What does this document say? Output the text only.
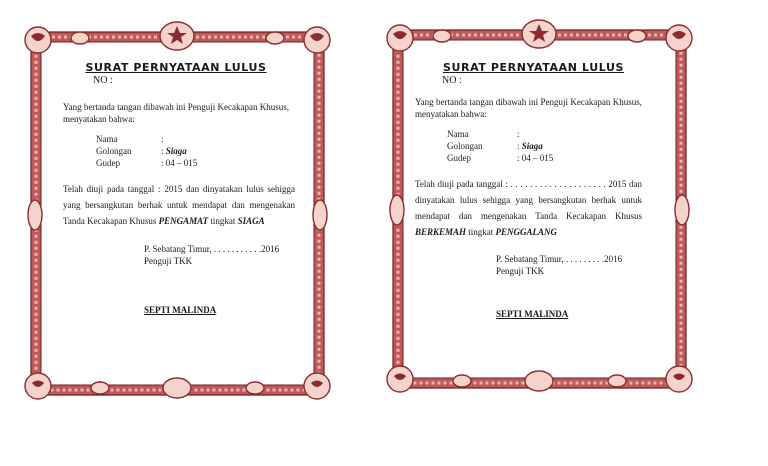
SURAT PERNYATAAN LULUS
NO :
Yang bertanda tangan dibawah ini Penguji Kecakapan Khusus, menyatakan bahwa:
Nama	:
Golongan	: Siaga
Gudep	: 04 – 015
Telah diuji pada tanggal : 2015 dan dinyatakan lulus sehigga yang bersangkutan berhak untuk mendapat dan mengenakan Tanda Kecakapan Khusus PENGAMAT tingkat SIAGA
P. Sebatang Timur, . . . . . . . . . . .2016
Penguji TKK
SEPTI MALINDA
SURAT PERNYATAAN LULUS
NO :
Yang bertanda tangan dibawah ini Penguji Kecakapan Khusus, menyatakan bahwa:
Nama	:
Golongan	: Siaga
Gudep	: 04 – 015
Telah diuji pada tanggal : . . . . . . . . . . . . . . . . . . . . 2015 dan dinyatakan lulus sehigga yang bersangkutan berhak untuk mendapat dan mengenakan Tanda Kecakapan Khusus BERKEMAH tingkat PENGGALANG
P. Sebatang Timur, . . . . . . . . .2016
Penguji TKK
SEPTI MALINDA
